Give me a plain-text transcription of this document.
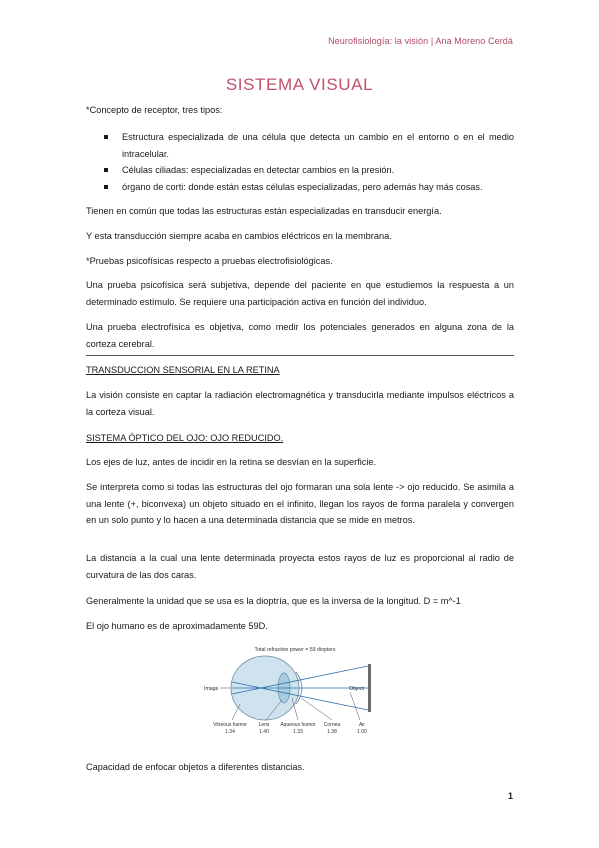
Neurofisiología: la visión | Ana Moreno Cerdá
SISTEMA VISUAL
*Concepto de receptor, tres tipos:
Estructura especializada de una célula que detecta un cambio en el entorno o en el medio intracelular.
Células ciliadas: especializadas en detectar cambios en la presión.
órgano de corti: donde están estas células especializadas, pero además hay más cosas.
Tienen en común que todas las estructuras están especializadas en transducir energía.
Y esta transducción siempre acaba en cambios eléctricos en la membrana.
*Pruebas psicofísicas respecto a pruebas electrofisiológicas.
Una prueba psicofísica será subjetiva, depende del paciente en que estudiemos la respuesta a un determinado estímulo. Se requiere una participación activa en función del individuo.
Una prueba electrofísica es objetiva, como medir los potenciales generados en alguna zona de la corteza cerebral.
TRANSDUCCION SENSORIAL EN LA RETINA
La visión consiste en captar la radiación electromagnética y transducirla mediante impulsos eléctricos a la corteza visual.
SISTEMA ÓPTICO DEL OJO: OJO REDUCIDO.
Los ejes de luz, antes de incidir en la retina se desvían en la superficie.
Se interpreta como si todas las estructuras del ojo formaran una sola lente -> ojo reducido. Se asimila a una lente (+, biconvexa) un objeto situado en el infinito, llegan los rayos de forma paralela y convergen en un solo punto y lo hacen a una determinada distancia que se mide en metros.
La distancia a la cual una lente determinada proyecta estos rayos de luz es proporcional al radio de curvatura de las dos caras.
Generalmente la unidad que se usa es la dioptría, que es la inversa de la longitud. D = m^-1
El ojo humano es de aproximadamente 59D.
Total refractive power = 59 diopters
Image	Object
Vitreous humor
1.34
Lens
1.40
Aqueous humor
1.33
Cornea
1.38
Air
1.00
Capacidad de enfocar objetos a diferentes distancias.
1
